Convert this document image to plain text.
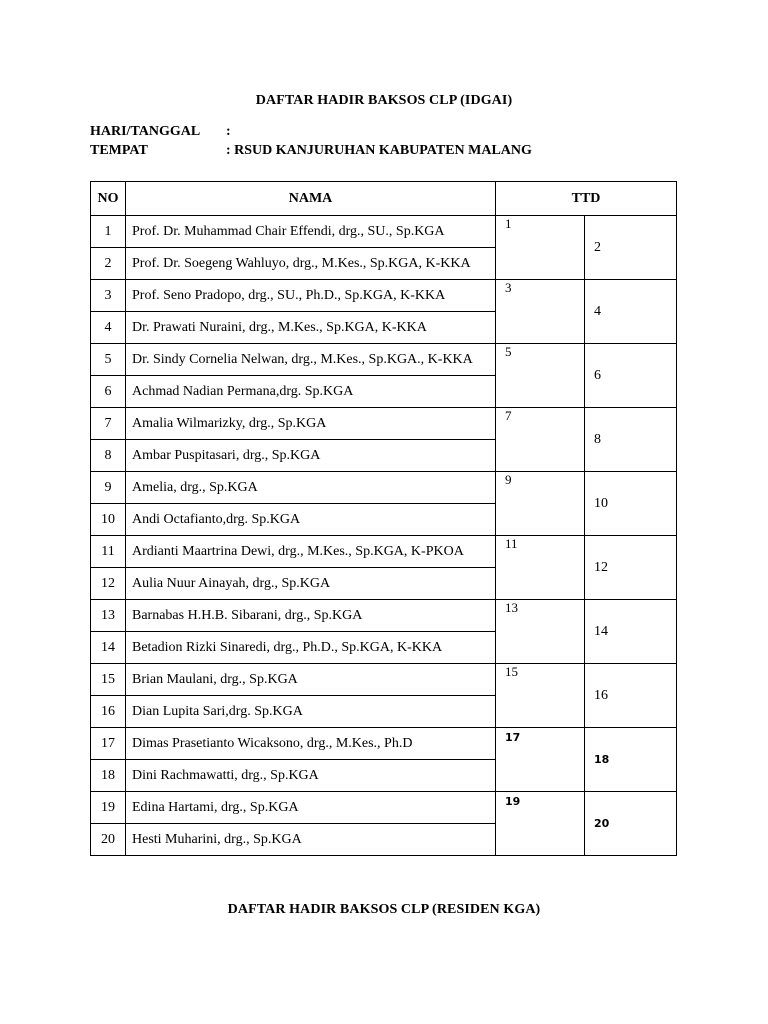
DAFTAR HADIR BAKSOS CLP (IDGAI)
HARI/TANGGAL :
TEMPAT	: RSUD KANJURUHAN KABUPATEN MALANG
NO	NAMA	TTD	
1	Prof. Dr. Muhammad Chair Effendi, drg., SU., Sp.KGA	1	2
2	Prof. Dr. Soegeng Wahluyo, drg., M.Kes., Sp.KGA, K-KKA		
3	Prof. Seno Pradopo, drg., SU., Ph.D., Sp.KGA, K-KKA	3	4
4	Dr. Prawati Nuraini, drg., M.Kes., Sp.KGA, K-KKA		
5	Dr. Sindy Cornelia Nelwan, drg., M.Kes., Sp.KGA., K-KKA	5	6
6	Achmad Nadian Permana,drg. Sp.KGA		
7	Amalia Wilmarizky, drg., Sp.KGA	7	8
8	Ambar Puspitasari, drg., Sp.KGA		
9	Amelia, drg., Sp.KGA	9	10
10	Andi Octafianto,drg. Sp.KGA		
11	Ardianti Maartrina Dewi, drg., M.Kes., Sp.KGA, K-PKOA	11	12
12	Aulia Nuur Ainayah, drg., Sp.KGA		
13	Barnabas H.H.B. Sibarani, drg., Sp.KGA	13	14
14	Betadion Rizki Sinaredi, drg., Ph.D., Sp.KGA, K-KKA		
15	Brian Maulani, drg., Sp.KGA	15	16
16	Dian Lupita Sari,drg. Sp.KGA		
17	Dimas Prasetianto Wicaksono, drg., M.Kes., Ph.D	17	18
18	Dini Rachmawatti, drg., Sp.KGA		
19	Edina Hartami, drg., Sp.KGA	19	20
20	Hesti Muharini, drg., Sp.KGA		
DAFTAR HADIR BAKSOS CLP (RESIDEN KGA)
